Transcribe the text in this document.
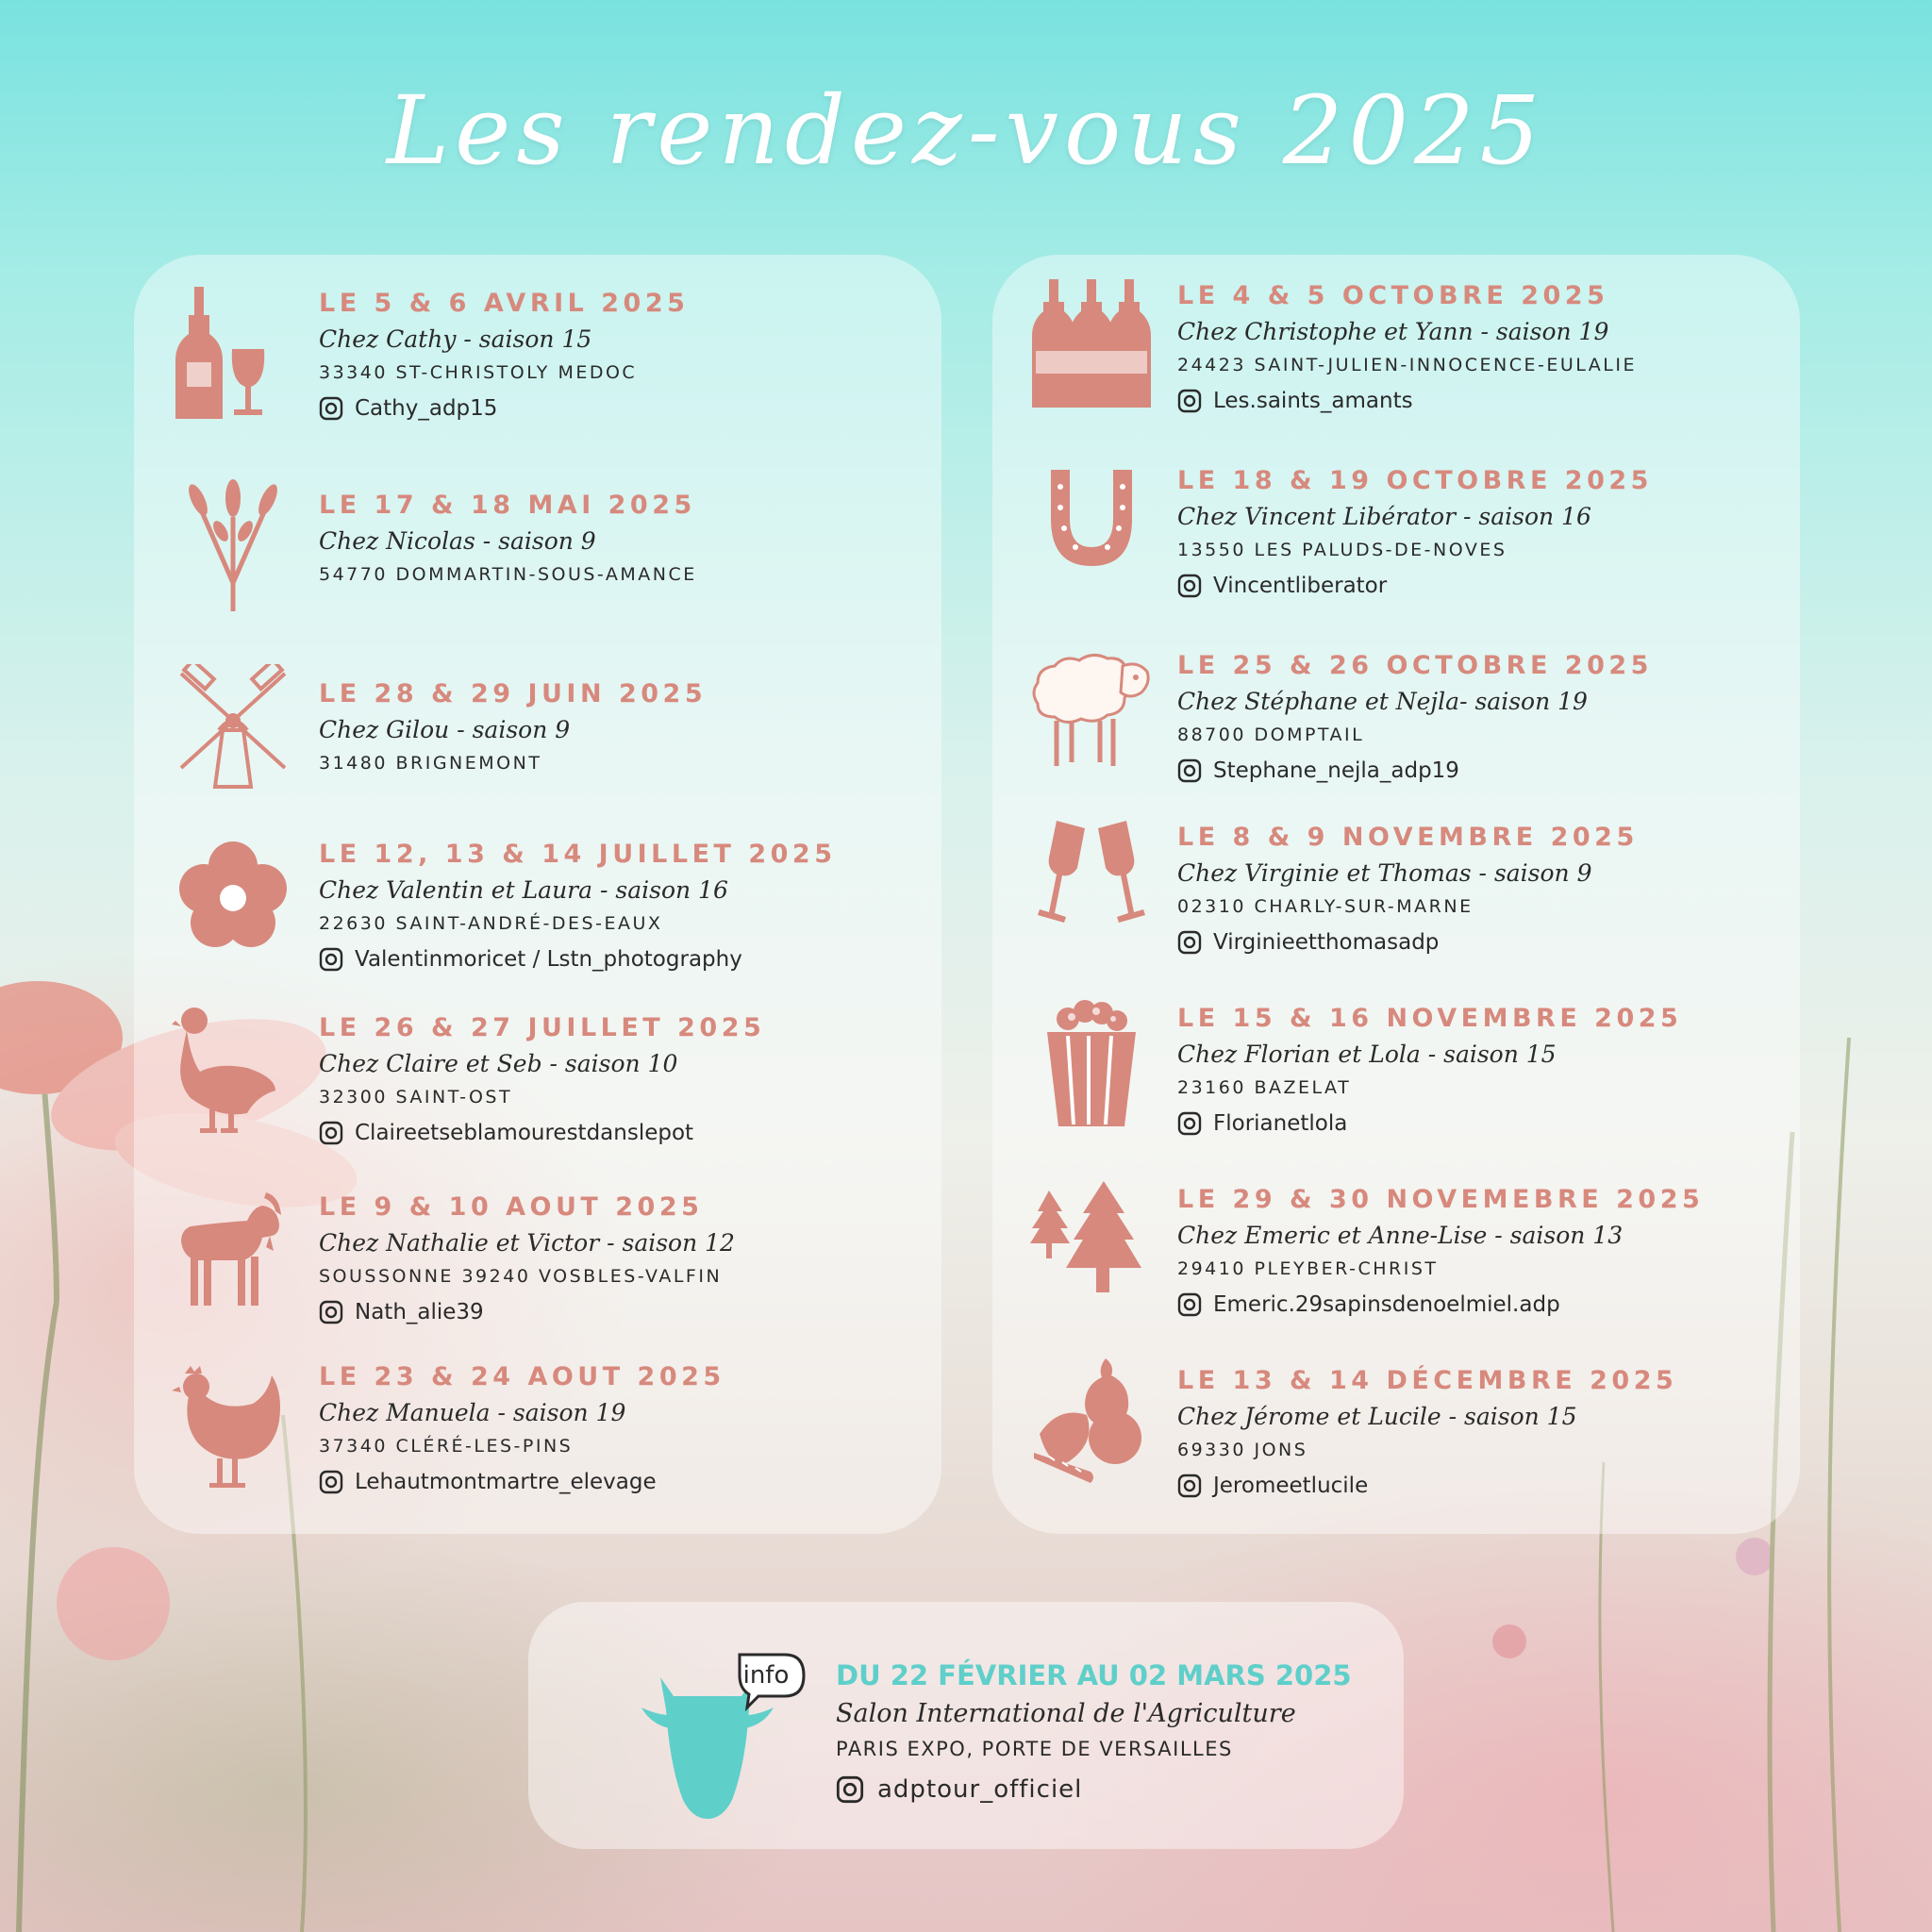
Les rendez-vous 2025
LE 5 & 6 AVRIL 2025
Chez Cathy - saison 15
33340 ST-CHRISTOLY MEDOC
Cathy_adp15
LE 17 & 18 MAI 2025
Chez Nicolas - saison 9
54770 DOMMARTIN-SOUS-AMANCE
LE 28 & 29 JUIN 2025
Chez Gilou - saison 9
31480 BRIGNEMONT
LE 12, 13 & 14 JUILLET 2025
Chez Valentin et Laura - saison 16
22630 SAINT-ANDRÉ-DES-EAUX
Valentinmoricet / Lstn_photography
LE 26 & 27 JUILLET 2025
Chez Claire et Seb - saison 10
32300 SAINT-OST
Claireetseblamourestdanslepot
LE 9 & 10 AOUT 2025
Chez Nathalie et Victor - saison 12
SOUSSONNE 39240 VOSBLES-VALFIN
Nath_alie39
LE 23 & 24 AOUT 2025
Chez Manuela - saison 19
37340 CLÉRÉ-LES-PINS
Lehautmontmartre_elevage
LE 4 & 5 OCTOBRE 2025
Chez Christophe et Yann - saison 19
24423 SAINT-JULIEN-INNOCENCE-EULALIE
Les.saints_amants
LE 18 & 19 OCTOBRE 2025
Chez Vincent Libérator - saison 16
13550 LES PALUDS-DE-NOVES
Vincentliberator
LE 25 & 26 OCTOBRE 2025
Chez Stéphane et Nejla- saison 19
88700 DOMPTAIL
Stephane_nejla_adp19
LE 8 & 9 NOVEMBRE 2025
Chez Virginie et Thomas - saison 9
02310 CHARLY-SUR-MARNE
Virginieetthomasadp
LE 15 & 16 NOVEMBRE 2025
Chez Florian et Lola - saison 15
23160 BAZELAT
Florianetlola
LE 29 & 30 NOVEMEBRE 2025
Chez Emeric et Anne-Lise - saison 13
29410 PLEYBER-CHRIST
Emeric.29sapinsdenoelmiel.adp
LE 13 & 14 DÉCEMBRE 2025
Chez Jérome et Lucile - saison 15
69330 JONS
Jeromeetlucile
info DU 22 FÉVRIER AU 02 MARS 2025
Salon International de l'Agriculture
PARIS EXPO, PORTE DE VERSAILLES
adptour_officiel
